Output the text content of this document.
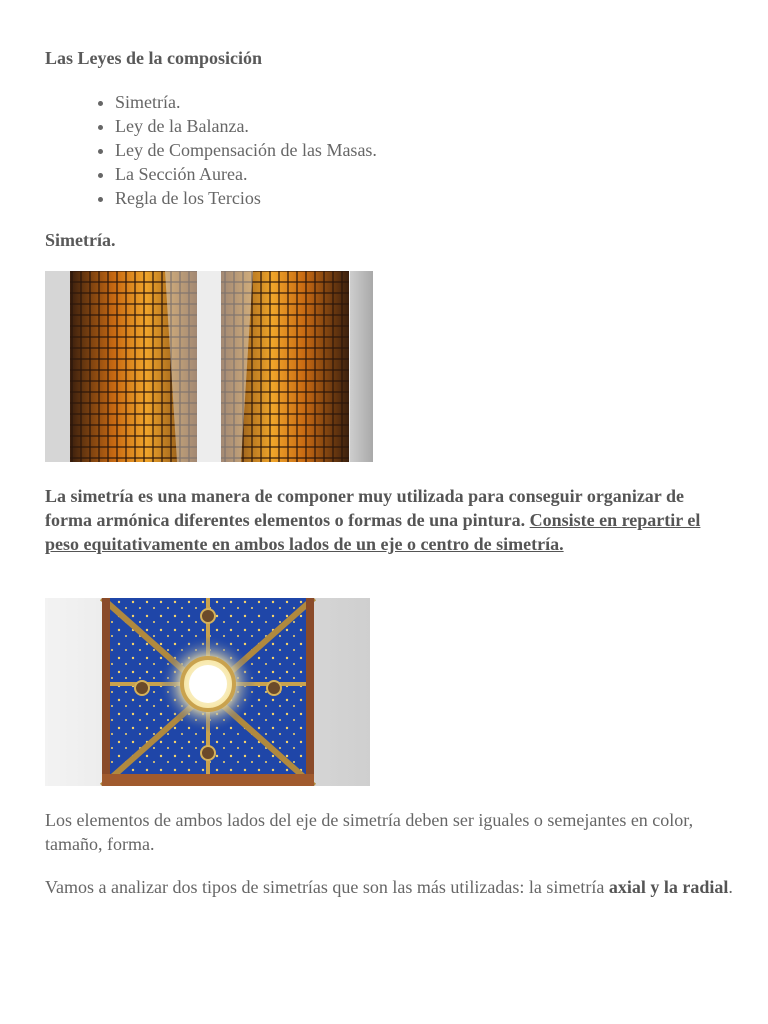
Las Leyes de la composición
• Simetría.
• Ley de la Balanza.
• Ley de Compensación de las Masas.
• La Sección Aurea.
• Regla de los Tercios
Simetría.
La simetría es una manera de componer muy utilizada para conseguir organizar de forma armónica diferentes elementos o formas de una pintura. Consiste en repartir el peso equitativamente en ambos lados de un eje o centro de simetría.
Los elementos de ambos lados del eje de simetría deben ser iguales o semejantes en color, tamaño, forma.
Vamos a analizar dos tipos de simetrías que son las más utilizadas: la simetría axial y la radial.
